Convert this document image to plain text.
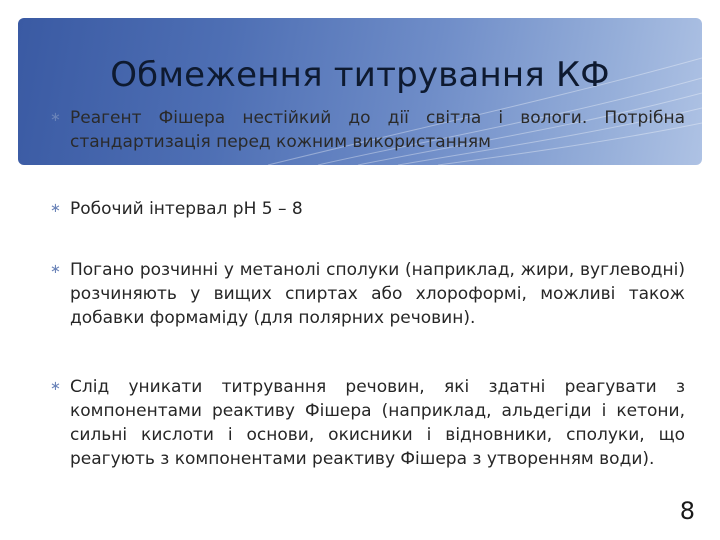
Обмеження титрування КФ
∗ Реагент Фішера нестійкий до дії світла і вологи. Потрібна стандартизація перед кожним використанням
∗ Робочий інтервал pH 5 – 8
∗ Погано розчинні у метанолі сполуки (наприклад, жири, вуглеводні) розчиняють у вищих спиртах або хлороформі, можливі також добавки формаміду (для полярних речовин).
∗ Слід уникати титрування речовин, які здатні реагувати з компонентами реактиву Фішера (наприклад, альдегіди і кетони, сильні кислоти і основи, окисники і відновники, сполуки, що реагують з компонентами реактиву Фішера з утворенням води).
8
